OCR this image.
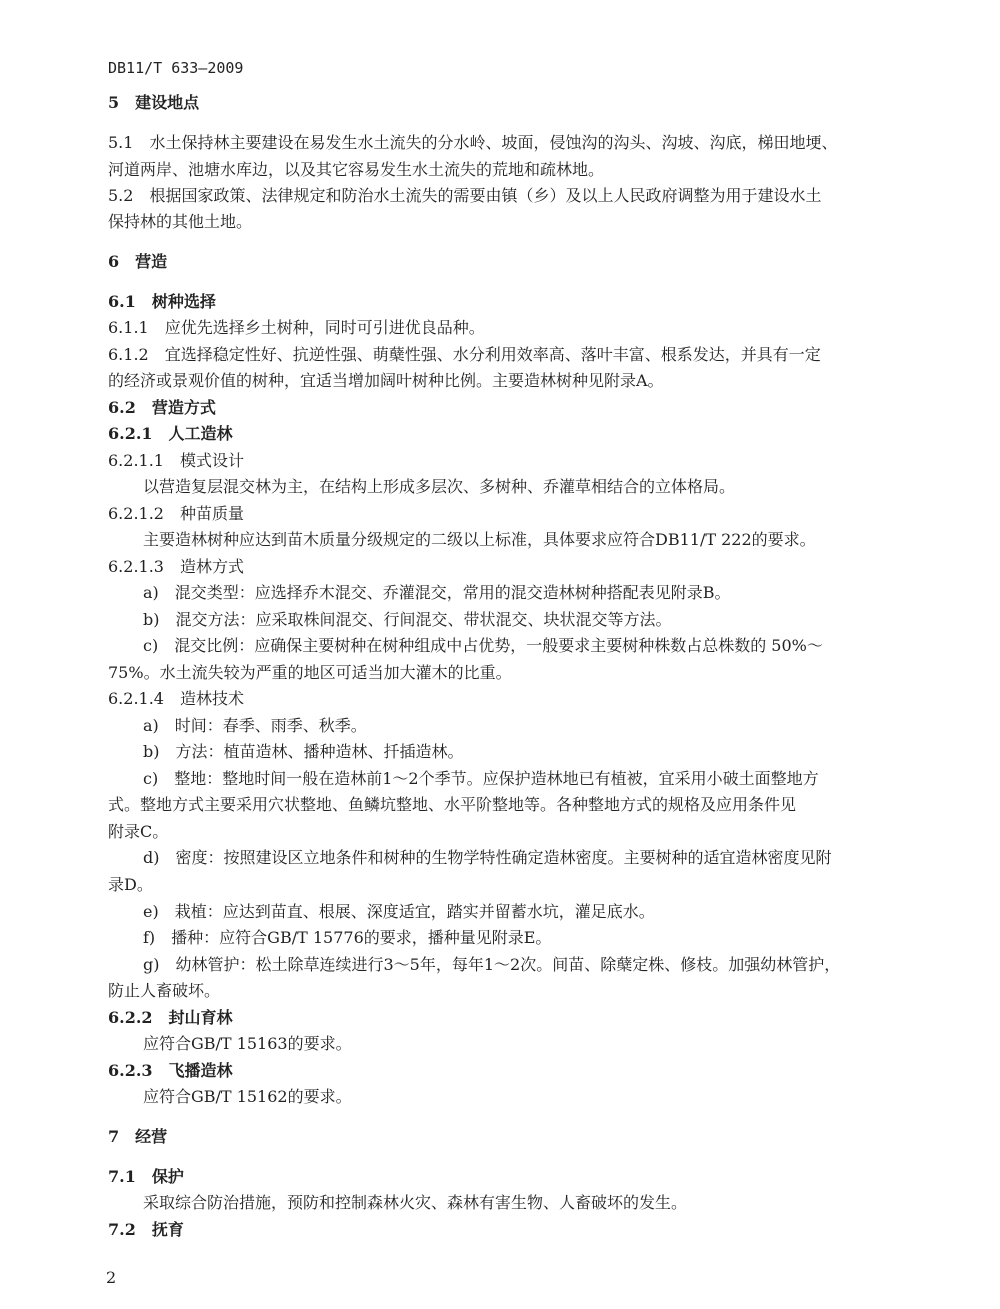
DB11/T 633—2009
5　建设地点
5.1　水土保持林主要建设在易发生水土流失的分水岭、坡面，侵蚀沟的沟头、沟坡、沟底，梯田地埂、
河道两岸、池塘水库边，以及其它容易发生水土流失的荒地和疏林地。
5.2　根据国家政策、法律规定和防治水土流失的需要由镇（乡）及以上人民政府调整为用于建设水土
保持林的其他土地。
6　营造
6.1　树种选择
6.1.1　应优先选择乡土树种，同时可引进优良品种。
6.1.2　宜选择稳定性好、抗逆性强、萌蘖性强、水分利用效率高、落叶丰富、根系发达，并具有一定
的经济或景观价值的树种，宜适当增加阔叶树种比例。主要造林树种见附录A。
6.2　营造方式
6.2.1　人工造林
6.2.1.1　模式设计
以营造复层混交林为主，在结构上形成多层次、多树种、乔灌草相结合的立体格局。
6.2.1.2　种苗质量
主要造林树种应达到苗木质量分级规定的二级以上标准，具体要求应符合DB11/T 222的要求。
6.2.1.3　造林方式
a)　混交类型：应选择乔木混交、乔灌混交，常用的混交造林树种搭配表见附录B。
b)　混交方法：应采取株间混交、行间混交、带状混交、块状混交等方法。
c)　混交比例：应确保主要树种在树种组成中占优势，一般要求主要树种株数占总株数的 50%～
75%。水土流失较为严重的地区可适当加大灌木的比重。
6.2.1.4　造林技术
a)　时间：春季、雨季、秋季。
b)　方法：植苗造林、播种造林、扦插造林。
c)　整地：整地时间一般在造林前1～2个季节。应保护造林地已有植被，宜采用小破土面整地方
式。整地方式主要采用穴状整地、鱼鳞坑整地、水平阶整地等。各种整地方式的规格及应用条件见
附录C。
d)　密度：按照建设区立地条件和树种的生物学特性确定造林密度。主要树种的适宜造林密度见附
录D。
e)　栽植：应达到苗直、根展、深度适宜，踏实并留蓄水坑，灌足底水。
f)　播种：应符合GB/T 15776的要求，播种量见附录E。
g)　幼林管护：松土除草连续进行3～5年，每年1～2次。间苗、除蘖定株、修枝。加强幼林管护，
防止人畜破坏。
6.2.2　封山育林
应符合GB/T 15163的要求。
6.2.3　飞播造林
应符合GB/T 15162的要求。
7　经营
7.1　保护
采取综合防治措施，预防和控制森林火灾、森林有害生物、人畜破坏的发生。
7.2　抚育
2
